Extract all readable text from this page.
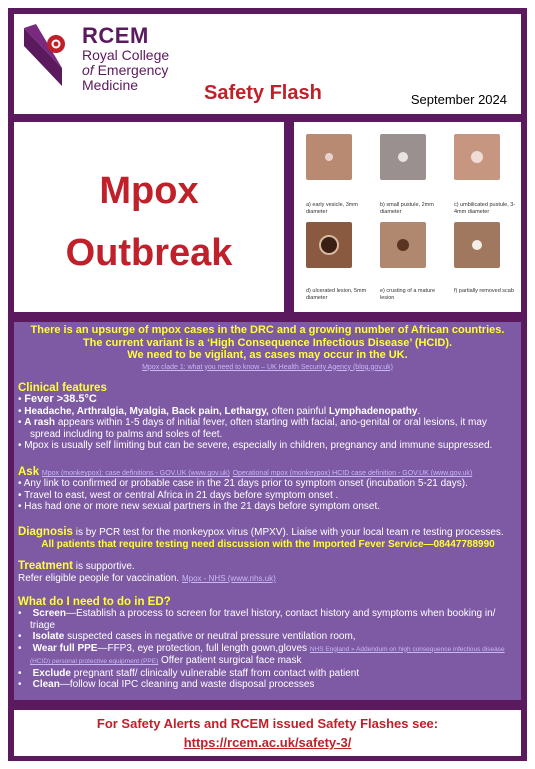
RCEM
Royal College
of Emergency
Medicine	Safety Flash	September 2024
Mpox
Outbreak
a) early vesicle, 3mm diameter
b) small pustule, 2mm diameter
c) umbilicated pustule, 3-4mm diameter
d) ulcerated lesion, 5mm diameter
e) crusting of a mature lesion
f) partially removed scab
There is an upsurge of mpox cases in the DRC and a growing number of African countries.
The current variant is a ‘High Consequence Infectious Disease’ (HCID).
We need to be vigilant, as cases may occur in the UK.
Mpox clade 1: what you need to know – UK Health Security Agency (blog.gov.uk)
Clinical features
• Fever >38.5°C
• Headache, Arthralgia, Myalgia, Back pain, Lethargy, often painful Lymphadenopathy.
• A rash appears within 1-5 days of initial fever, often starting with facial, ano-genital or oral lesions, it may spread including to palms and soles of feet.
• Mpox is usually self limiting but can be severe, especially in children, pregnancy and immune suppressed.
Ask Mpox (monkeypox): case definitions - GOV.UK (www.gov.uk) Operational mpox (monkeypox) HCID case definition - GOV.UK (www.gov.uk)
• Any link to confirmed or probable case in the 21 days prior to symptom onset (incubation 5-21 days).
• Travel to east, west or central Africa in 21 days before symptom onset .
• Has had one or more new sexual partners in the 21 days before symptom onset.
Diagnosis is by PCR test for the monkeypox virus (MPXV). Liaise with your local team re testing processes.
All patients that require testing need discussion with the Imported Fever Service—08447788990
Treatment is supportive.
Refer eligible people for vaccination. Mpox - NHS (www.nhs.uk)
What do I need to do in ED?
•    Screen—Establish a process to screen for travel history, contact history and symptoms when booking in/ triage
•    Isolate suspected cases in negative or neutral pressure ventilation room,
•    Wear full PPE—FFP3, eye protection, full length gown,gloves NHS England » Addendum on high consequence infectious disease (HCID) personal protective equipment (PPE) Offer patient surgical face mask
•    Exclude pregnant staff/ clinically vulnerable staff from contact with patient
•    Clean—follow local IPC cleaning and waste disposal processes
For Safety Alerts and RCEM issued Safety Flashes see:
https://rcem.ac.uk/safety-3/
